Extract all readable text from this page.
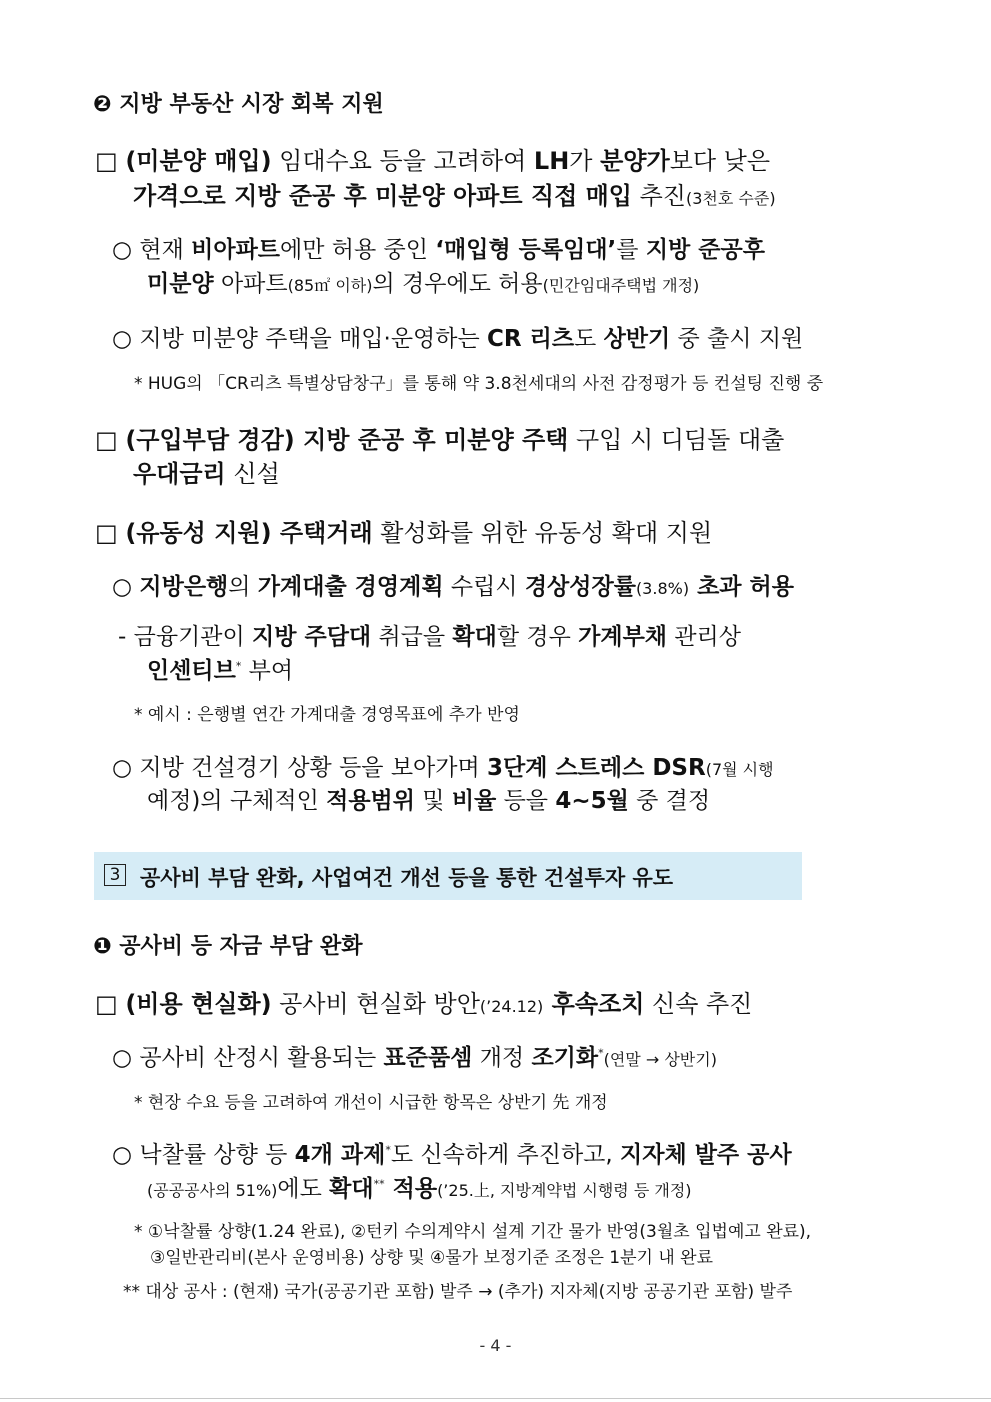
❷ 지방 부동산 시장 회복 지원
□ (미분양 매입) 임대수요 등을 고려하여 LH가 분양가보다 낮은
가격으로 지방 준공 후 미분양 아파트 직접 매입 추진(3천호 수준)
○ 현재 비아파트에만 허용 중인 ‘매입형 등록임대’를 지방 준공후
미분양 아파트(85㎡ 이하)의 경우에도 허용(민간임대주택법 개정)
○ 지방 미분양 주택을 매입·운영하는 CR 리츠도 상반기 중 출시 지원
* HUG의 「CR리츠 특별상담창구」를 통해 약 3.8천세대의 사전 감정평가 등 컨설팅 진행 중
□ (구입부담 경감) 지방 준공 후 미분양 주택 구입 시 디딤돌 대출
우대금리 신설
□ (유동성 지원) 주택거래 활성화를 위한 유동성 확대 지원
○ 지방은행의 가계대출 경영계획 수립시 경상성장률(3.8%) 초과 허용
- 금융기관이 지방 주담대 취급을 확대할 경우 가계부채 관리상
인센티브* 부여
* 예시 : 은행별 연간 가계대출 경영목표에 추가 반영
○ 지방 건설경기 상황 등을 보아가며 3단계 스트레스 DSR(7월 시행
예정)의 구체적인 적용범위 및 비율 등을 4~5월 중 결정
3 공사비 부담 완화, 사업여건 개선 등을 통한 건설투자 유도
❶ 공사비 등 자금 부담 완화
□ (비용 현실화) 공사비 현실화 방안(’24.12) 후속조치 신속 추진
○ 공사비 산정시 활용되는 표준품셈 개정 조기화*(연말 → 상반기)
* 현장 수요 등을 고려하여 개선이 시급한 항목은 상반기 先 개정
○ 낙찰률 상향 등 4개 과제*도 신속하게 추진하고, 지자체 발주 공사
(공공공사의 51%)에도 확대** 적용(’25.上, 지방계약법 시행령 등 개정)
* ①낙찰률 상향(1.24 완료), ②턴키 수의계약시 설계 기간 물가 반영(3월초 입법예고 완료),
③일반관리비(본사 운영비용) 상향 및 ④물가 보정기준 조정은 1분기 내 완료
** 대상 공사 : (현재) 국가(공공기관 포함) 발주 → (추가) 지자체(지방 공공기관 포함) 발주
- 4 -
